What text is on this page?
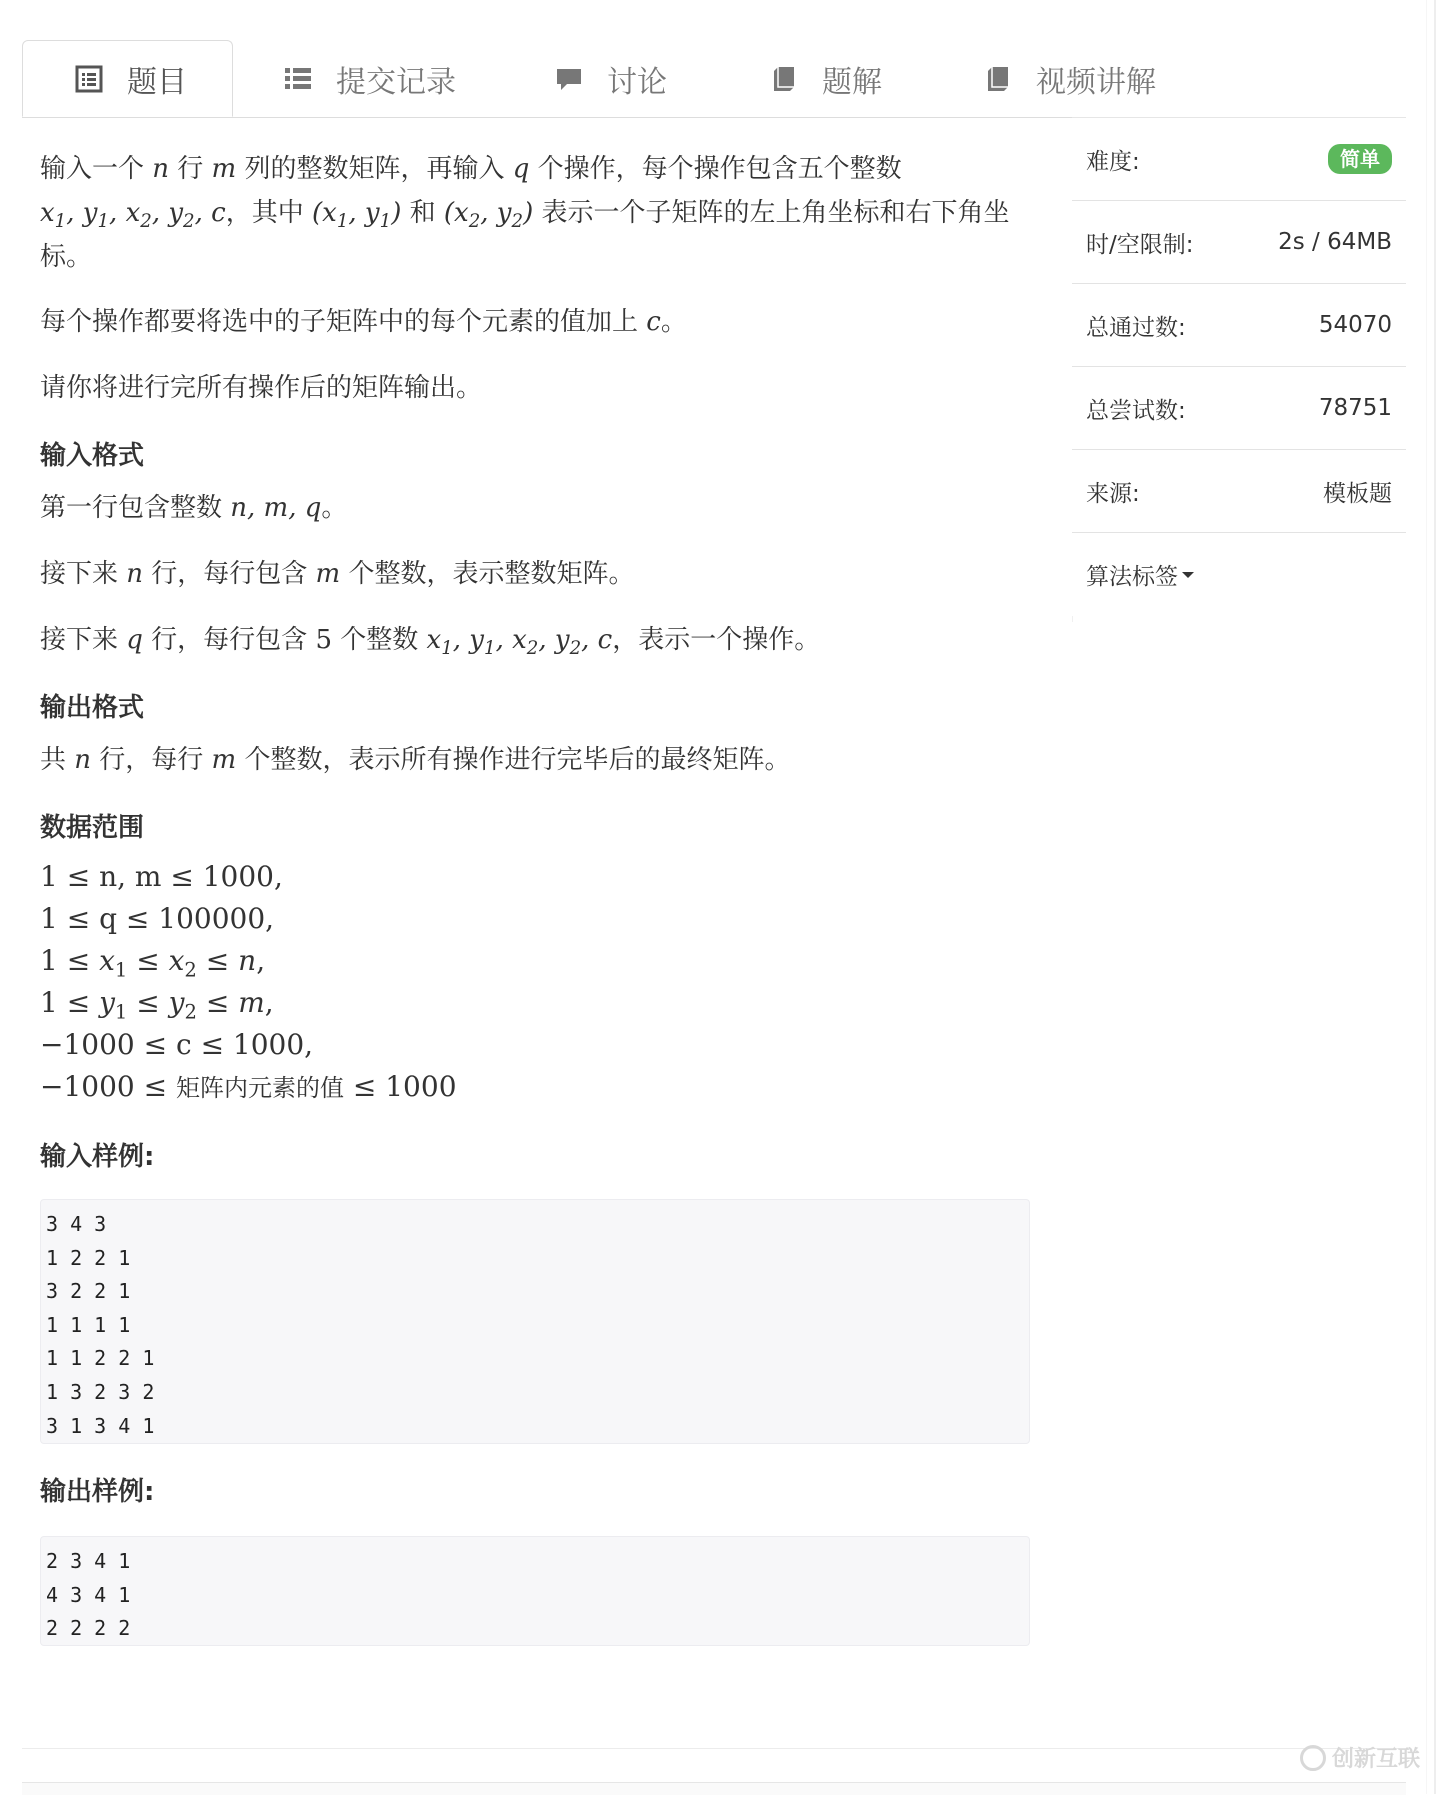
题目	提交记录	讨论	题解	视频讲解

输入一个 n 行 m 列的整数矩阵，再输入 q 个操作，每个操作包含五个整数
$x_1$, $y_1$, $x_2$, $y_2$, c，其中 ($x_1$, $y_1$) 和 ($x_2$, $y_2$) 表示一个子矩阵的左上角坐标和右下角坐标。

每个操作都要将选中的子矩阵中的每个元素的值加上 c。

请你将进行完所有操作后的矩阵输出。

输入格式

第一行包含整数 n, m, q。

接下来 n 行，每行包含 m 个整数，表示整数矩阵。

接下来 q 行，每行包含 5 个整数 $x_1$, $y_1$, $x_2$, $y_2$, c，表示一个操作。

输出格式

共 n 行，每行 m 个整数，表示所有操作进行完毕后的最终矩阵。

数据范围

1 ≤ n, m ≤ 1000,
1 ≤ q ≤ 100000,
$1 \le x_1 \le x_2 \le n$,
$1 \le y_1 \le y_2 \le m$,
−1000 ≤ c ≤ 1000,
−1000 ≤ 矩阵内元素的值 ≤ 1000

输入样例:

3 4 3
1 2 2 1
3 2 2 1
1 1 1 1
1 1 2 2 1
1 3 2 3 2
3 1 3 4 1

输出样例:

2 3 4 1
4 3 4 1
2 2 2 2
难度:	简单
时/空限制:	2s / 64MB
总通过数:	54070
总尝试数:	78751
来源:	模板题
算法标签
创新互联
